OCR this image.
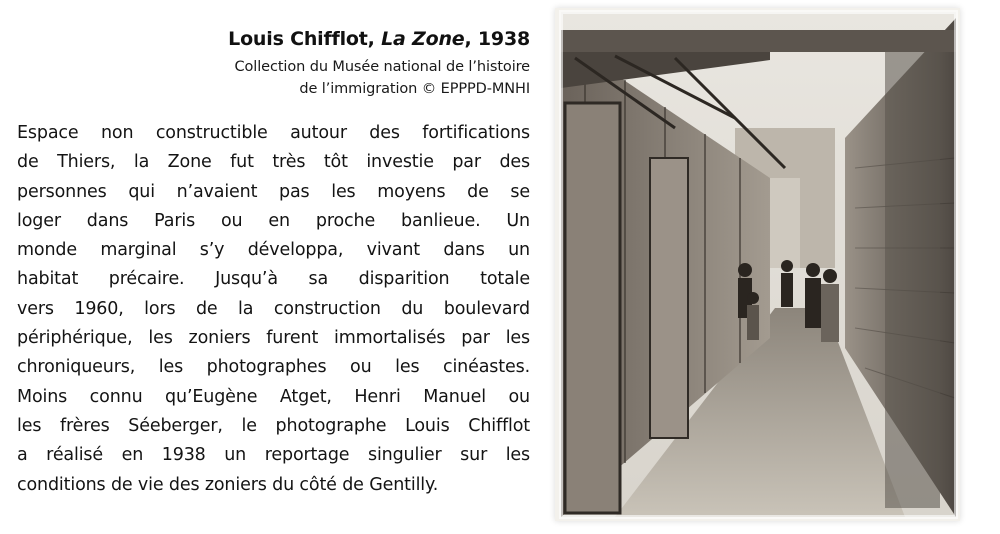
Louis Chifflot, La Zone, 1938
Collection du Musée national de l’histoire
de l’immigration © EPPPD-MNHI
Espace non constructible autour des fortifications
de Thiers, la Zone fut très tôt investie par des
personnes qui n’avaient pas les moyens de se
loger dans Paris ou en proche banlieue. Un
monde marginal s’y développa, vivant dans un
habitat précaire. Jusqu’à sa disparition totale
vers 1960, lors de la construction du boulevard
périphérique, les zoniers furent immortalisés par les
chroniqueurs, les photographes ou les cinéastes.
Moins connu qu’Eugène Atget, Henri Manuel ou
les frères Séeberger, le photographe Louis Chifflot
a réalisé en 1938 un reportage singulier sur les
conditions de vie des zoniers du côté de Gentilly.
